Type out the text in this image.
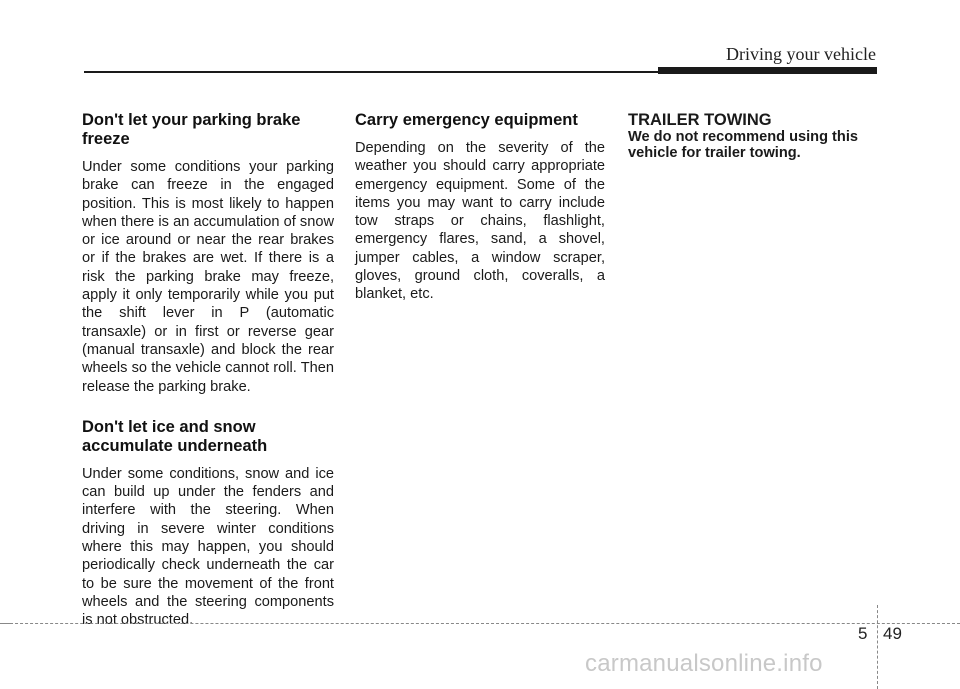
Driving your vehicle
Don't let your parking brake freeze

Under some conditions your parking brake can freeze in the engaged position. This is most likely to happen when there is an accumulation of snow or ice around or near the rear brakes or if the brakes are wet. If there is a risk the parking brake may freeze, apply it only temporarily while you put the shift lever in P (automatic transaxle) or in first or reverse gear (manual transaxle) and block the rear wheels so the vehicle cannot roll. Then release the parking brake.

Don't let ice and snow accumulate underneath

Under some conditions, snow and ice can build up under the fenders and interfere with the steering. When driving in severe winter conditions where this may happen, you should periodically check underneath the car to be sure the movement of the front wheels and the steering components is not obstructed.

Carry emergency equipment

Depending on the severity of the weather you should carry appropriate emergency equipment. Some of the items you may want to carry include tow straps or chains, flashlight, emergency flares, sand, a shovel, jumper cables, a window scraper, gloves, ground cloth, coveralls, a blanket, etc.

TRAILER TOWING
We do not recommend using this vehicle for trailer towing.
5 49
carmanualsonline.info
